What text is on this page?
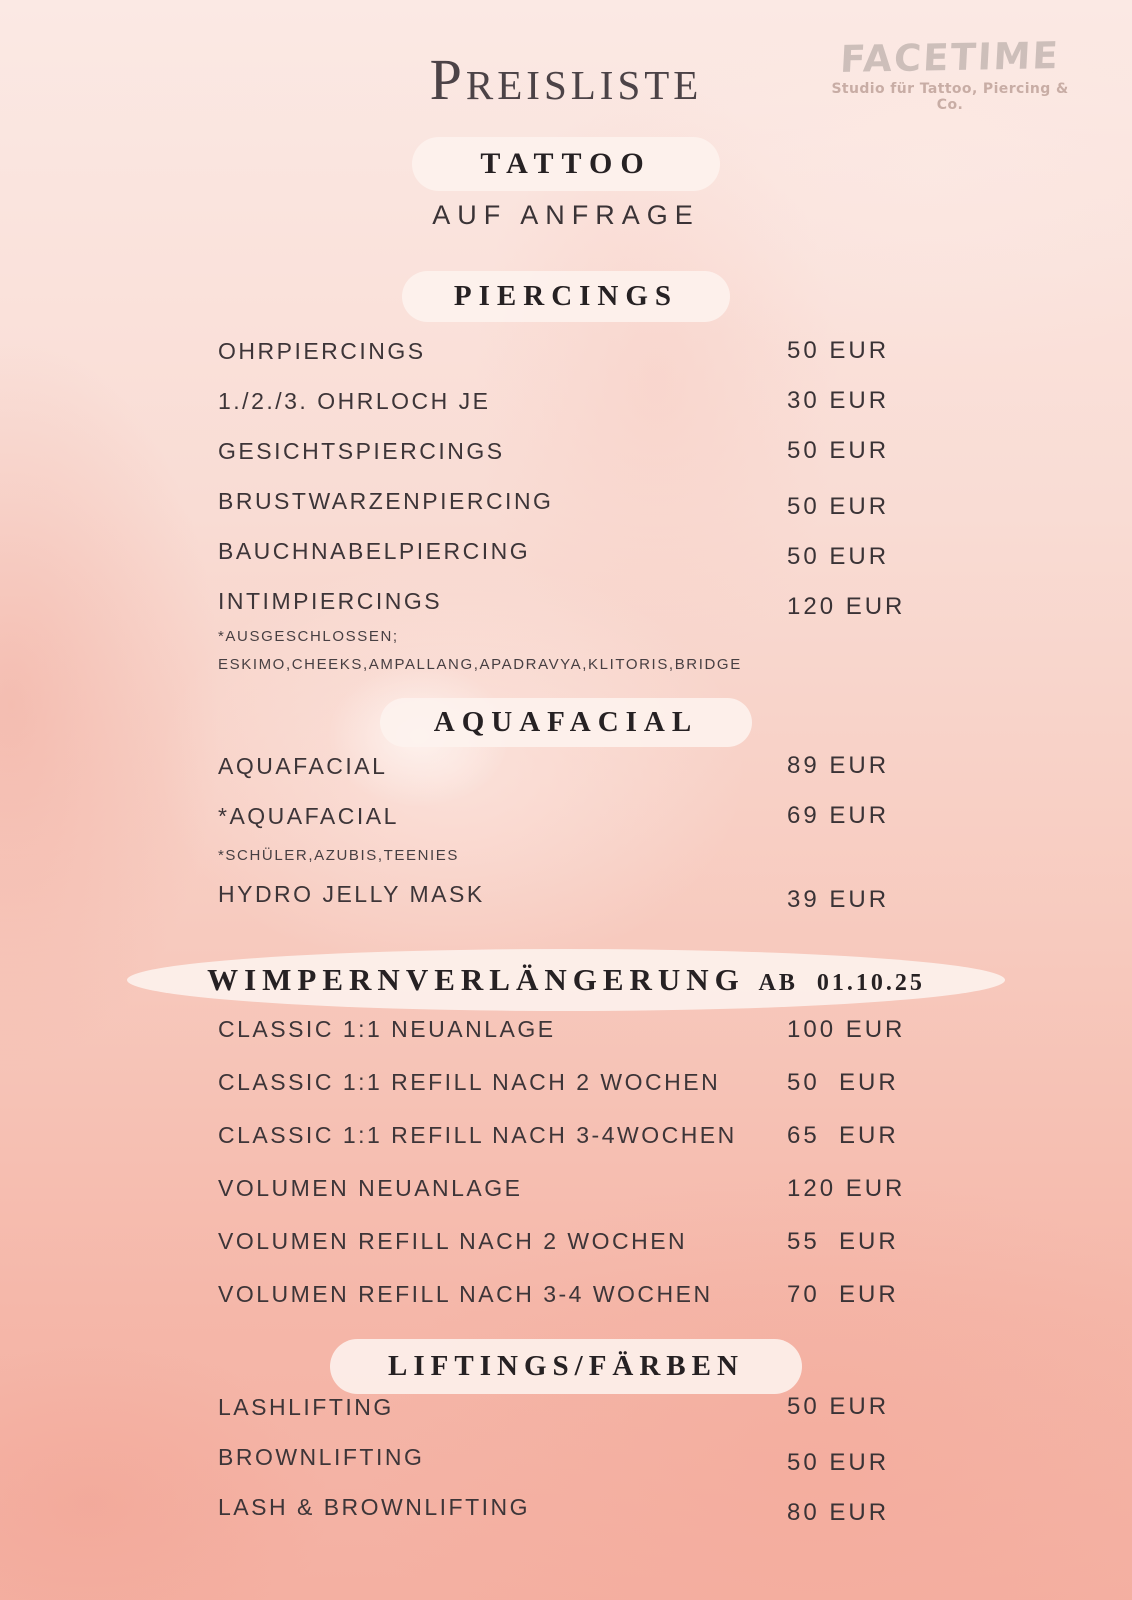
FACETIME
Studio für Tattoo, Piercing & Co.
Preisliste
TATTOO
AUF ANFRAGE
PIERCINGS
OHRPIERCINGS	50 EUR
1./2./3. OHRLOCH JE	30 EUR
GESICHTSPIERCINGS	50 EUR
BRUSTWARZENPIERCING	50 EUR
BAUCHNABELPIERCING	50 EUR
INTIMPIERCINGS	120 EUR
*AUSGESCHLOSSEN;
ESKIMO,CHEEKS,AMPALLANG,APADRAVYA,KLITORIS,BRIDGE
AQUAFACIAL
AQUAFACIAL	89 EUR
*AQUAFACIAL	69 EUR
*SCHÜLER,AZUBIS,TEENIES
HYDRO JELLY MASK	39 EUR
WIMPERNVERLÄNGERUNG AB 01.10.25
CLASSIC 1:1 NEUANLAGE	100 EUR
CLASSIC 1:1 REFILL NACH 2 WOCHEN	50  EUR
CLASSIC 1:1 REFILL NACH 3-4WOCHEN	65  EUR
VOLUMEN NEUANLAGE	120 EUR
VOLUMEN REFILL NACH 2 WOCHEN	55  EUR
VOLUMEN REFILL NACH 3-4 WOCHEN	70  EUR
LIFTINGS/FÄRBEN
LASHLIFTING	50 EUR
BROWNLIFTING	50 EUR
LASH & BROWNLIFTING	80 EUR
